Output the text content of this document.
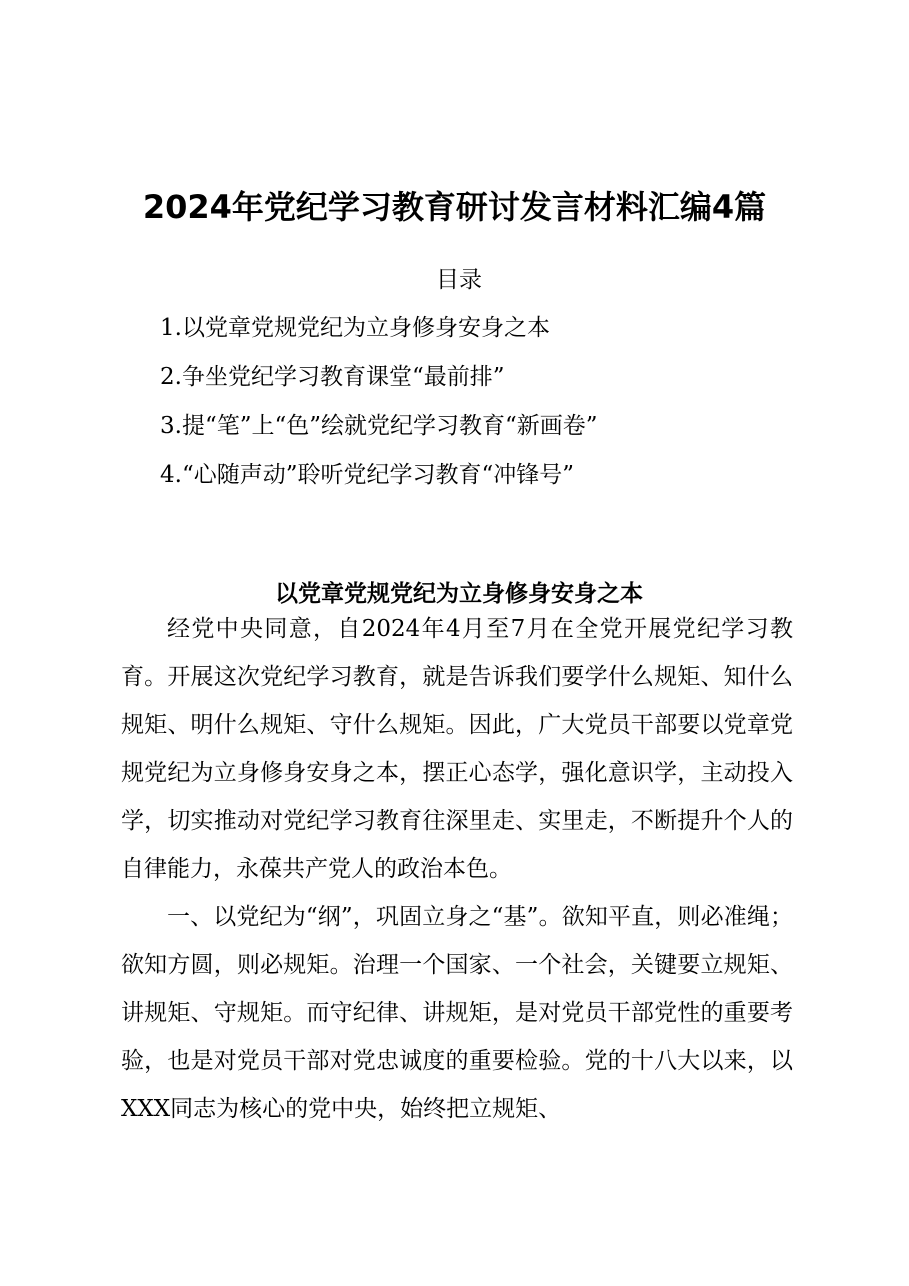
2024年党纪学习教育研讨发言材料汇编4篇
目录
1.以党章党规党纪为立身修身安身之本
2.争坐党纪学习教育课堂“最前排”
3.提“笔”上“色”绘就党纪学习教育“新画卷”
4.“心随声动”聆听党纪学习教育“冲锋号”
以党章党规党纪为立身修身安身之本

经党中央同意，自2024年4月至7月在全党开展党纪学习教育。开展这次党纪学习教育，就是告诉我们要学什么规矩、知什么规矩、明什么规矩、守什么规矩。因此，广大党员干部要以党章党规党纪为立身修身安身之本，摆正心态学，强化意识学，主动投入学，切实推动对党纪学习教育往深里走、实里走，不断提升个人的自律能力，永葆共产党人的政治本色。

一、以党纪为“纲”，巩固立身之“基”。欲知平直，则必准绳；欲知方圆，则必规矩。治理一个国家、一个社会，关键要立规矩、讲规矩、守规矩。而守纪律、讲规矩，是对党员干部党性的重要考验，也是对党员干部对党忠诚度的重要检验。党的十八大以来，以XXX同志为核心的党中央，始终把立规矩、
